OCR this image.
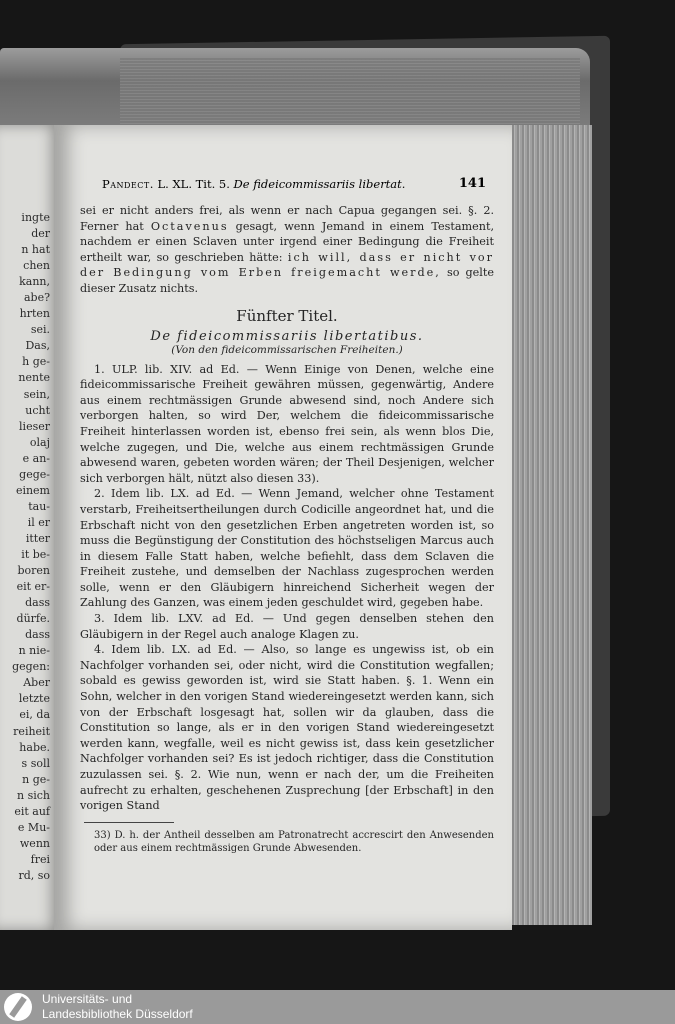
ingte
der
n hat
chen
kann,
abe?
hrten
sei.
Das,
h ge-
nente
sein,
ucht
lieser
olaj
e an-
gege-
einem
tau-
il er
itter
it be-
boren
eit er-
dass
dürfe.
dass
n nie-
gegen:
Aber
letzte
ei, da
reiheit
habe.
s soll
n ge-
n sich
eit auf
e Mu-
wenn
frei
rd, so
Pandect. L. XL. Tit. 5. De fideicommissariis libertat.	141

sei er nicht anders frei, als wenn er nach Capua gegangen sei. §. 2. Ferner hat Octavenus gesagt, wenn Jemand in einem Testament, nachdem er einen Sclaven unter irgend einer Bedingung die Freiheit ertheilt war, so geschrieben hätte: ich will, dass er nicht vor der Bedingung vom Erben freigemacht werde, so gelte dieser Zusatz nichts.

Fünfter Titel.
De fideicommissariis libertatibus.
(Von den fideicommissarischen Freiheiten.)

1. ULP. lib. XIV. ad Ed. — Wenn Einige von Denen, welche eine fideicommissarische Freiheit gewähren müssen, gegenwärtig, Andere aus einem rechtmässigen Grunde abwesend sind, noch Andere sich verborgen halten, so wird Der, welchem die fideicommissarische Freiheit hinterlassen worden ist, ebenso frei sein, als wenn blos Die, welche zugegen, und Die, welche aus einem rechtmässigen Grunde abwesend waren, gebeten worden wären; der Theil Desjenigen, welcher sich verborgen hält, nützt also diesen 33).

2. Idem lib. LX. ad Ed. — Wenn Jemand, welcher ohne Testament verstarb, Freiheitsertheilungen durch Codicille angeordnet hat, und die Erbschaft nicht von den gesetzlichen Erben angetreten worden ist, so muss die Begünstigung der Constitution des höchstseligen Marcus auch in diesem Falle Statt haben, welche befiehlt, dass dem Sclaven die Freiheit zustehe, und demselben der Nachlass zugesprochen werden solle, wenn er den Gläubigern hinreichend Sicherheit wegen der Zahlung des Ganzen, was einem jeden geschuldet wird, gegeben habe.

3. Idem lib. LXV. ad Ed. — Und gegen denselben stehen den Gläubigern in der Regel auch analoge Klagen zu.

4. Idem lib. LX. ad Ed. — Also, so lange es ungewiss ist, ob ein Nachfolger vorhanden sei, oder nicht, wird die Constitution wegfallen; sobald es gewiss geworden ist, wird sie Statt haben. §. 1. Wenn ein Sohn, welcher in den vorigen Stand wiedereingesetzt werden kann, sich von der Erbschaft losgesagt hat, sollen wir da glauben, dass die Constitution so lange, als er in den vorigen Stand wiedereingesetzt werden kann, wegfalle, weil es nicht gewiss ist, dass kein gesetzlicher Nachfolger vorhanden sei? Es ist jedoch richtiger, dass die Constitution zuzulassen sei. §. 2. Wie nun, wenn er nach der, um die Freiheiten aufrecht zu erhalten, geschehenen Zusprechung [der Erbschaft] in den vorigen Stand

33) D. h. der Antheil desselben am Patronatrecht accrescirt den Anwesenden oder aus einem rechtmässigen Grunde Abwesenden.

Universitäts- und
Landesbibliothek Düsseldorf
